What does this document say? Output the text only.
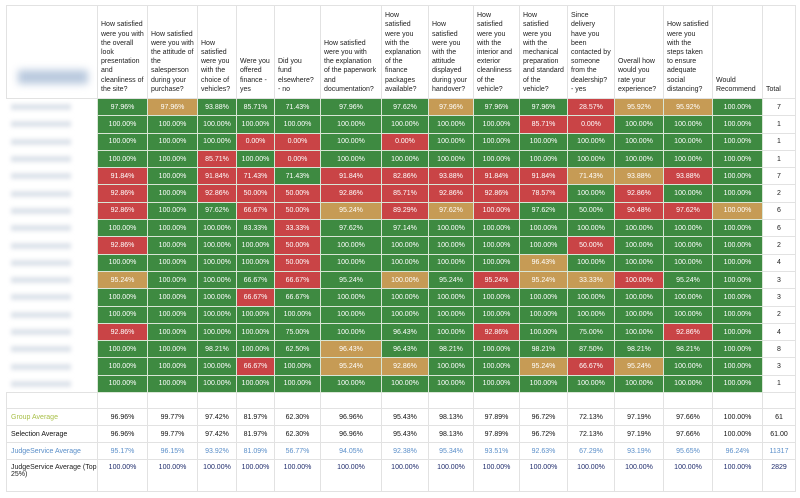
	How satisfied were you with the overall look presentation and cleanliness of the site?	How satisfied were you with the attitude of the salesperson during your purchase?	How satisfied were you with the choice of vehicles?	Were you offered finance - yes	Did you fund elsewhere? - no	How satisfied were you with the explanation of the paperwork and documentation?	How satisfied were you with the explanation of the finance packages available?	How satisfied were you with the attitude displayed during your handover?	How satisfied were you with the interior and exterior cleanliness of the vehicle?	How satisfied were you with the mechanical preparation and standard of the vehicle?	Since delivery have you been contacted by someone from the dealership? - yes	Overall how would you rate your experience?	How satisfied were you with the steps taken to ensure adequate social distancing?	Would Recommend	Total

	97.96%	97.96%	93.88%	85.71%	71.43%	97.96%	97.62%	97.96%	97.96%	97.96%	28.57%	95.92%	95.92%	100.00%	7

	100.00%	100.00%	100.00%	100.00%	100.00%	100.00%	100.00%	100.00%	100.00%	85.71%	0.00%	100.00%	100.00%	100.00%	1

	100.00%	100.00%	100.00%	0.00%	0.00%	100.00%	0.00%	100.00%	100.00%	100.00%	100.00%	100.00%	100.00%	100.00%	1

	100.00%	100.00%	85.71%	100.00%	0.00%	100.00%	100.00%	100.00%	100.00%	100.00%	100.00%	100.00%	100.00%	100.00%	1

	91.84%	100.00%	91.84%	71.43%	71.43%	91.84%	82.86%	93.88%	91.84%	91.84%	71.43%	93.88%	93.88%	100.00%	7

	92.86%	100.00%	92.86%	50.00%	50.00%	92.86%	85.71%	92.86%	92.86%	78.57%	100.00%	92.86%	100.00%	100.00%	2

	92.86%	100.00%	97.62%	66.67%	50.00%	95.24%	89.29%	97.62%	100.00%	97.62%	50.00%	90.48%	97.62%	100.00%	6

	100.00%	100.00%	100.00%	83.33%	33.33%	97.62%	97.14%	100.00%	100.00%	100.00%	100.00%	100.00%	100.00%	100.00%	6

	92.86%	100.00%	100.00%	100.00%	50.00%	100.00%	100.00%	100.00%	100.00%	100.00%	50.00%	100.00%	100.00%	100.00%	2

	100.00%	100.00%	100.00%	100.00%	50.00%	100.00%	100.00%	100.00%	100.00%	96.43%	100.00%	100.00%	100.00%	100.00%	4

	95.24%	100.00%	100.00%	66.67%	66.67%	95.24%	100.00%	95.24%	95.24%	95.24%	33.33%	100.00%	95.24%	100.00%	3

	100.00%	100.00%	100.00%	66.67%	66.67%	100.00%	100.00%	100.00%	100.00%	100.00%	100.00%	100.00%	100.00%	100.00%	3

	100.00%	100.00%	100.00%	100.00%	100.00%	100.00%	100.00%	100.00%	100.00%	100.00%	100.00%	100.00%	100.00%	100.00%	2

	92.86%	100.00%	100.00%	100.00%	75.00%	100.00%	96.43%	100.00%	92.86%	100.00%	75.00%	100.00%	92.86%	100.00%	4

	100.00%	100.00%	98.21%	100.00%	62.50%	96.43%	96.43%	98.21%	100.00%	98.21%	87.50%	98.21%	98.21%	100.00%	8

	100.00%	100.00%	100.00%	66.67%	100.00%	95.24%	92.86%	100.00%	100.00%	95.24%	66.67%	95.24%	100.00%	100.00%	3

	100.00%	100.00%	100.00%	100.00%	100.00%	100.00%	100.00%	100.00%	100.00%	100.00%	100.00%	100.00%	100.00%	100.00%	1

Group Average	96.96%	99.77%	97.42%	81.97%	62.30%	96.96%	95.43%	98.13%	97.89%	96.72%	72.13%	97.19%	97.66%	100.00%	61
Selection Average	96.96%	99.77%	97.42%	81.97%	62.30%	96.96%	95.43%	98.13%	97.89%	96.72%	72.13%	97.19%	97.66%	100.00%	61.00
JudgeService Average	95.17%	96.15%	93.92%	81.09%	56.77%	94.05%	92.38%	95.34%	93.51%	92.63%	67.29%	93.19%	95.65%	96.24%	11317
JudgeService Average (Top 25%)	100.00%	100.00%	100.00%	100.00%	100.00%	100.00%	100.00%	100.00%	100.00%	100.00%	100.00%	100.00%	100.00%	100.00%	2829
